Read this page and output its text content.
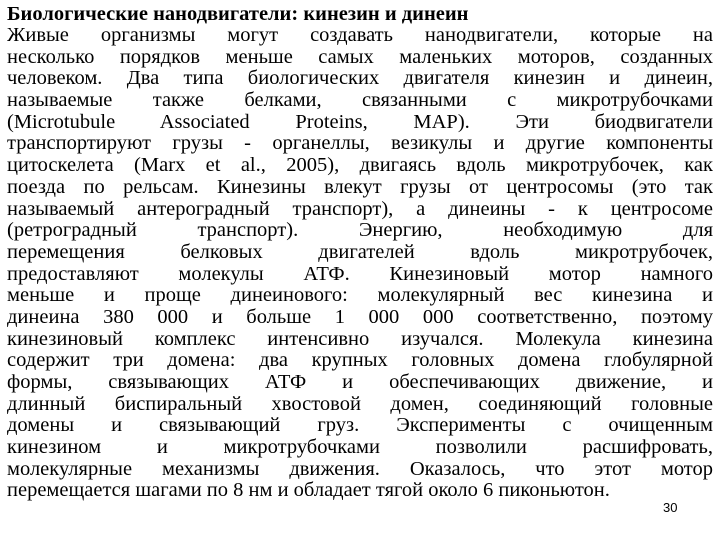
Биологические нанодвигатели: кинезин и динеин
Живые организмы могут создавать нанодвигатели, которые на
несколько порядков меньше самых маленьких моторов, созданных
человеком. Два типа биологических двигателя кинезин и динеин,
называемые также белками, связанными с микротрубочками
(Microtubule Associated Proteins, MAP). Эти биодвигатели
транспортируют грузы - органеллы, везикулы и другие компоненты
цитоскелета (Marx et al., 2005), двигаясь вдоль микротрубочек, как
поезда по рельсам. Кинезины влекут грузы от центросомы (это так
называемый антероградный транспорт), а динеины - к центросоме
(ретроградный транспорт). Энергию, необходимую для
перемещения белковых двигателей вдоль микротрубочек,
предоставляют молекулы АТФ. Кинезиновый мотор намного
меньше и проще динеинового: молекулярный вес кинезина и
динеина 380 000 и больше 1 000 000 соответственно, поэтому
кинезиновый комплекс интенсивно изучался. Молекула кинезина
содержит три домена: два крупных головных домена глобулярной
формы, связывающих АТФ и обеспечивающих движение, и
длинный биспиральный хвостовой домен, соединяющий головные
домены и связывающий груз. Эксперименты с очищенным
кинезином и микротрубочками позволили расшифровать,
молекулярные механизмы движения. Оказалось, что этот мотор
перемещается шагами по 8 нм и обладает тягой около 6 пиконьютон.
30
